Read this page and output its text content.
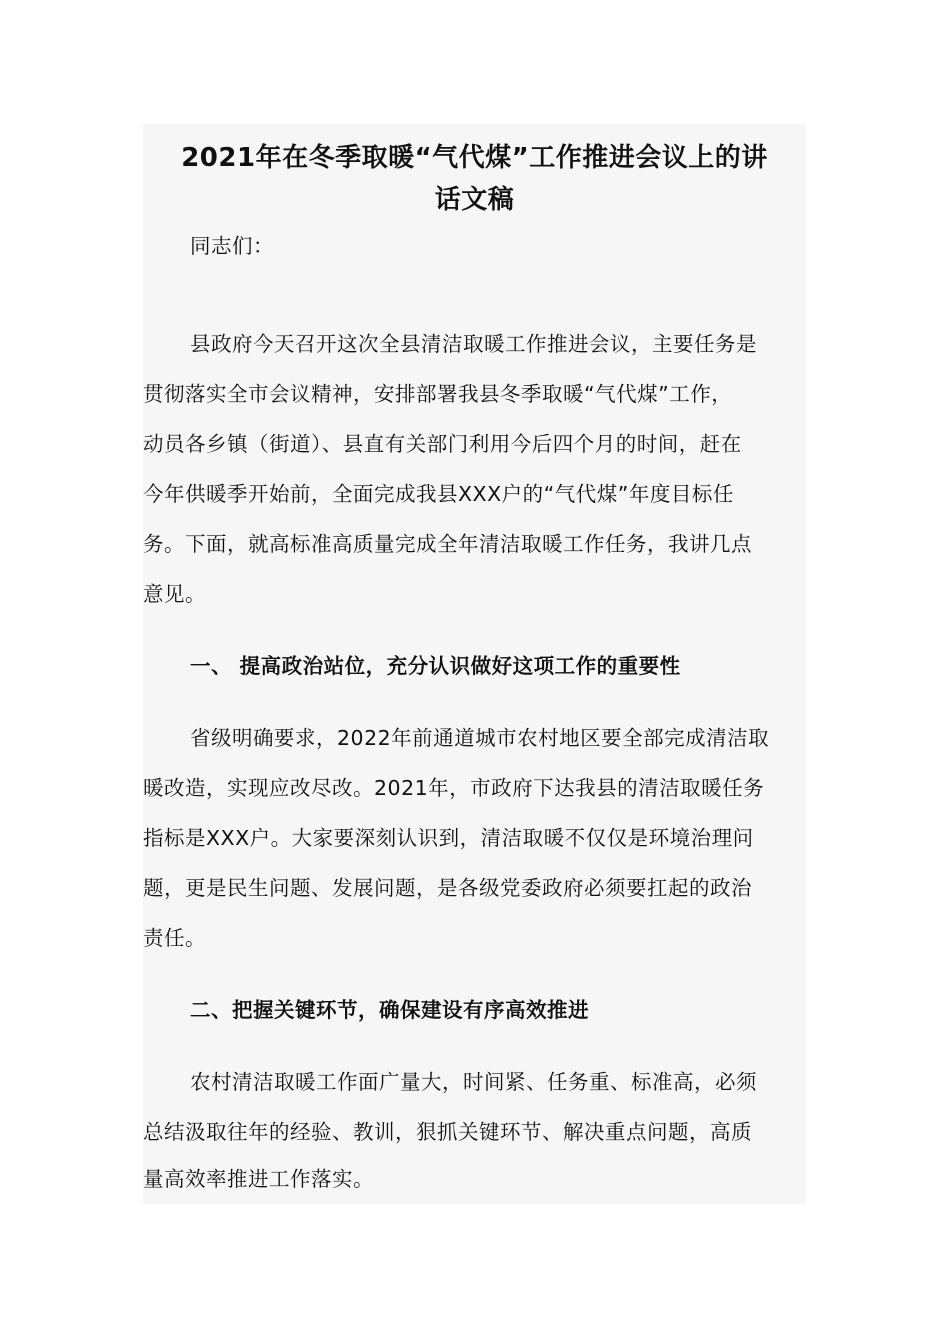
2021年在冬季取暖“气代煤”工作推进会议上的讲

话文稿

同志们：

县政府今天召开这次全县清洁取暖工作推进会议，主要任务是

贯彻落实全市会议精神，安排部署我县冬季取暖“气代煤”工作，

动员各乡镇（街道）、县直有关部门利用今后四个月的时间，赶在

今年供暖季开始前，全面完成我县XXX户的“气代煤”年度目标任

务。下面，就高标准高质量完成全年清洁取暖工作任务，我讲几点

意见。

一、 提高政治站位，充分认识做好这项工作的重要性

省级明确要求，2022年前通道城市农村地区要全部完成清洁取

暖改造，实现应改尽改。2021年，市政府下达我县的清洁取暖任务

指标是XXX户。大家要深刻认识到，清洁取暖不仅仅是环境治理问

题，更是民生问题、发展问题，是各级党委政府必须要扛起的政治

责任。

二、把握关键环节，确保建设有序高效推进

农村清洁取暖工作面广量大，时间紧、任务重、标准高，必须

总结汲取往年的经验、教训，狠抓关键环节、解决重点问题，高质

量高效率推进工作落实。
